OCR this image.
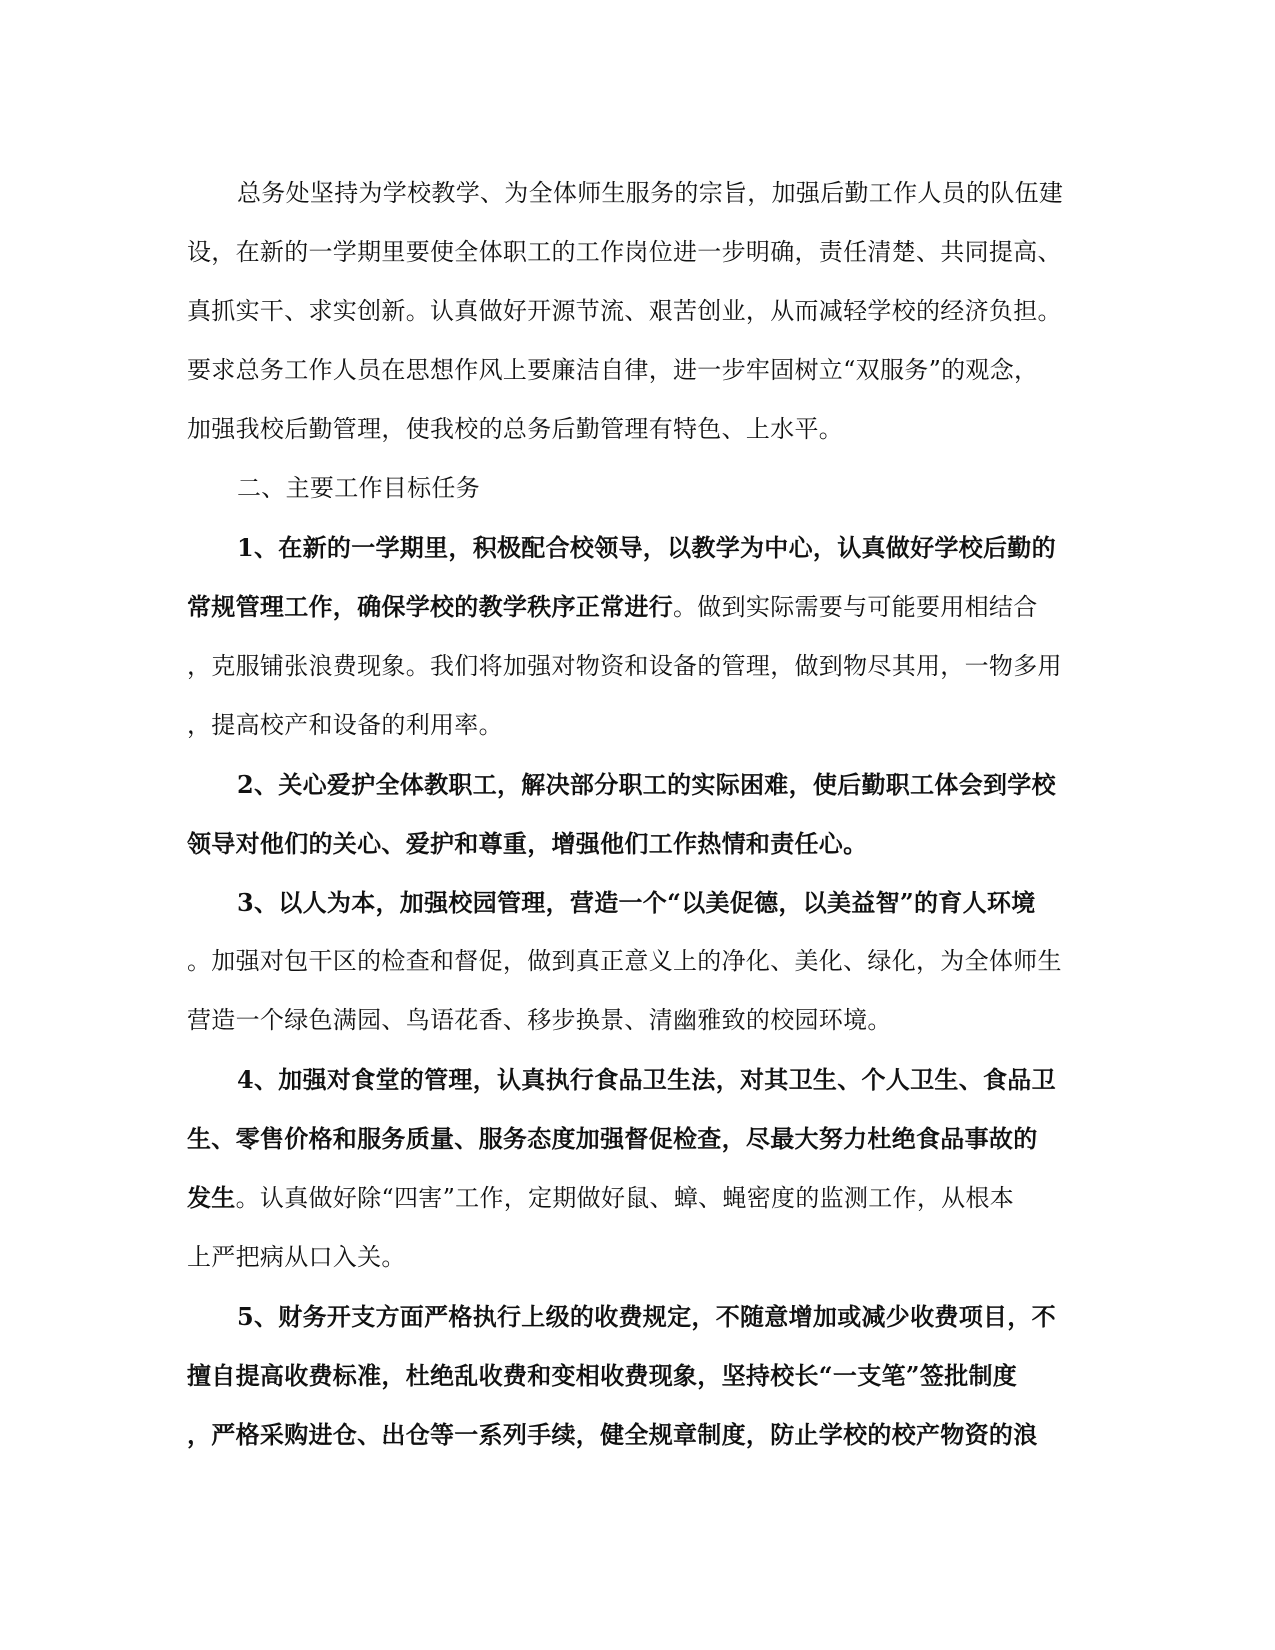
总务处坚持为学校教学、为全体师生服务的宗旨，加强后勤工作人员的队伍建
设，在新的一学期里要使全体职工的工作岗位进一步明确，责任清楚、共同提高、
真抓实干、求实创新。认真做好开源节流、艰苦创业，从而减轻学校的经济负担。
要求总务工作人员在思想作风上要廉洁自律，进一步牢固树立“双服务”的观念，
加强我校后勤管理，使我校的总务后勤管理有特色、上水平。

二、主要工作目标任务

1、在新的一学期里，积极配合校领导，以教学为中心，认真做好学校后勤的
常规管理工作，确保学校的教学秩序正常进行。做到实际需要与可能要用相结合
，克服铺张浪费现象。我们将加强对物资和设备的管理，做到物尽其用，一物多用
，提高校产和设备的利用率。

2、关心爱护全体教职工，解决部分职工的实际困难，使后勤职工体会到学校
领导对他们的关心、爱护和尊重，增强他们工作热情和责任心。

3、以人为本，加强校园管理，营造一个“以美促德，以美益智”的育人环境
。加强对包干区的检查和督促，做到真正意义上的净化、美化、绿化，为全体师生
营造一个绿色满园、鸟语花香、移步换景、清幽雅致的校园环境。

4、加强对食堂的管理，认真执行食品卫生法，对其卫生、个人卫生、食品卫
生、零售价格和服务质量、服务态度加强督促检查，尽最大努力杜绝食品事故的
发生。认真做好除“四害”工作，定期做好鼠、蟑、蝇密度的监测工作，从根本
上严把病从口入关。

5、财务开支方面严格执行上级的收费规定，不随意增加或减少收费项目，不
擅自提高收费标准，杜绝乱收费和变相收费现象，坚持校长“一支笔”签批制度
，严格采购进仓、出仓等一系列手续，健全规章制度，防止学校的校产物资的浪
